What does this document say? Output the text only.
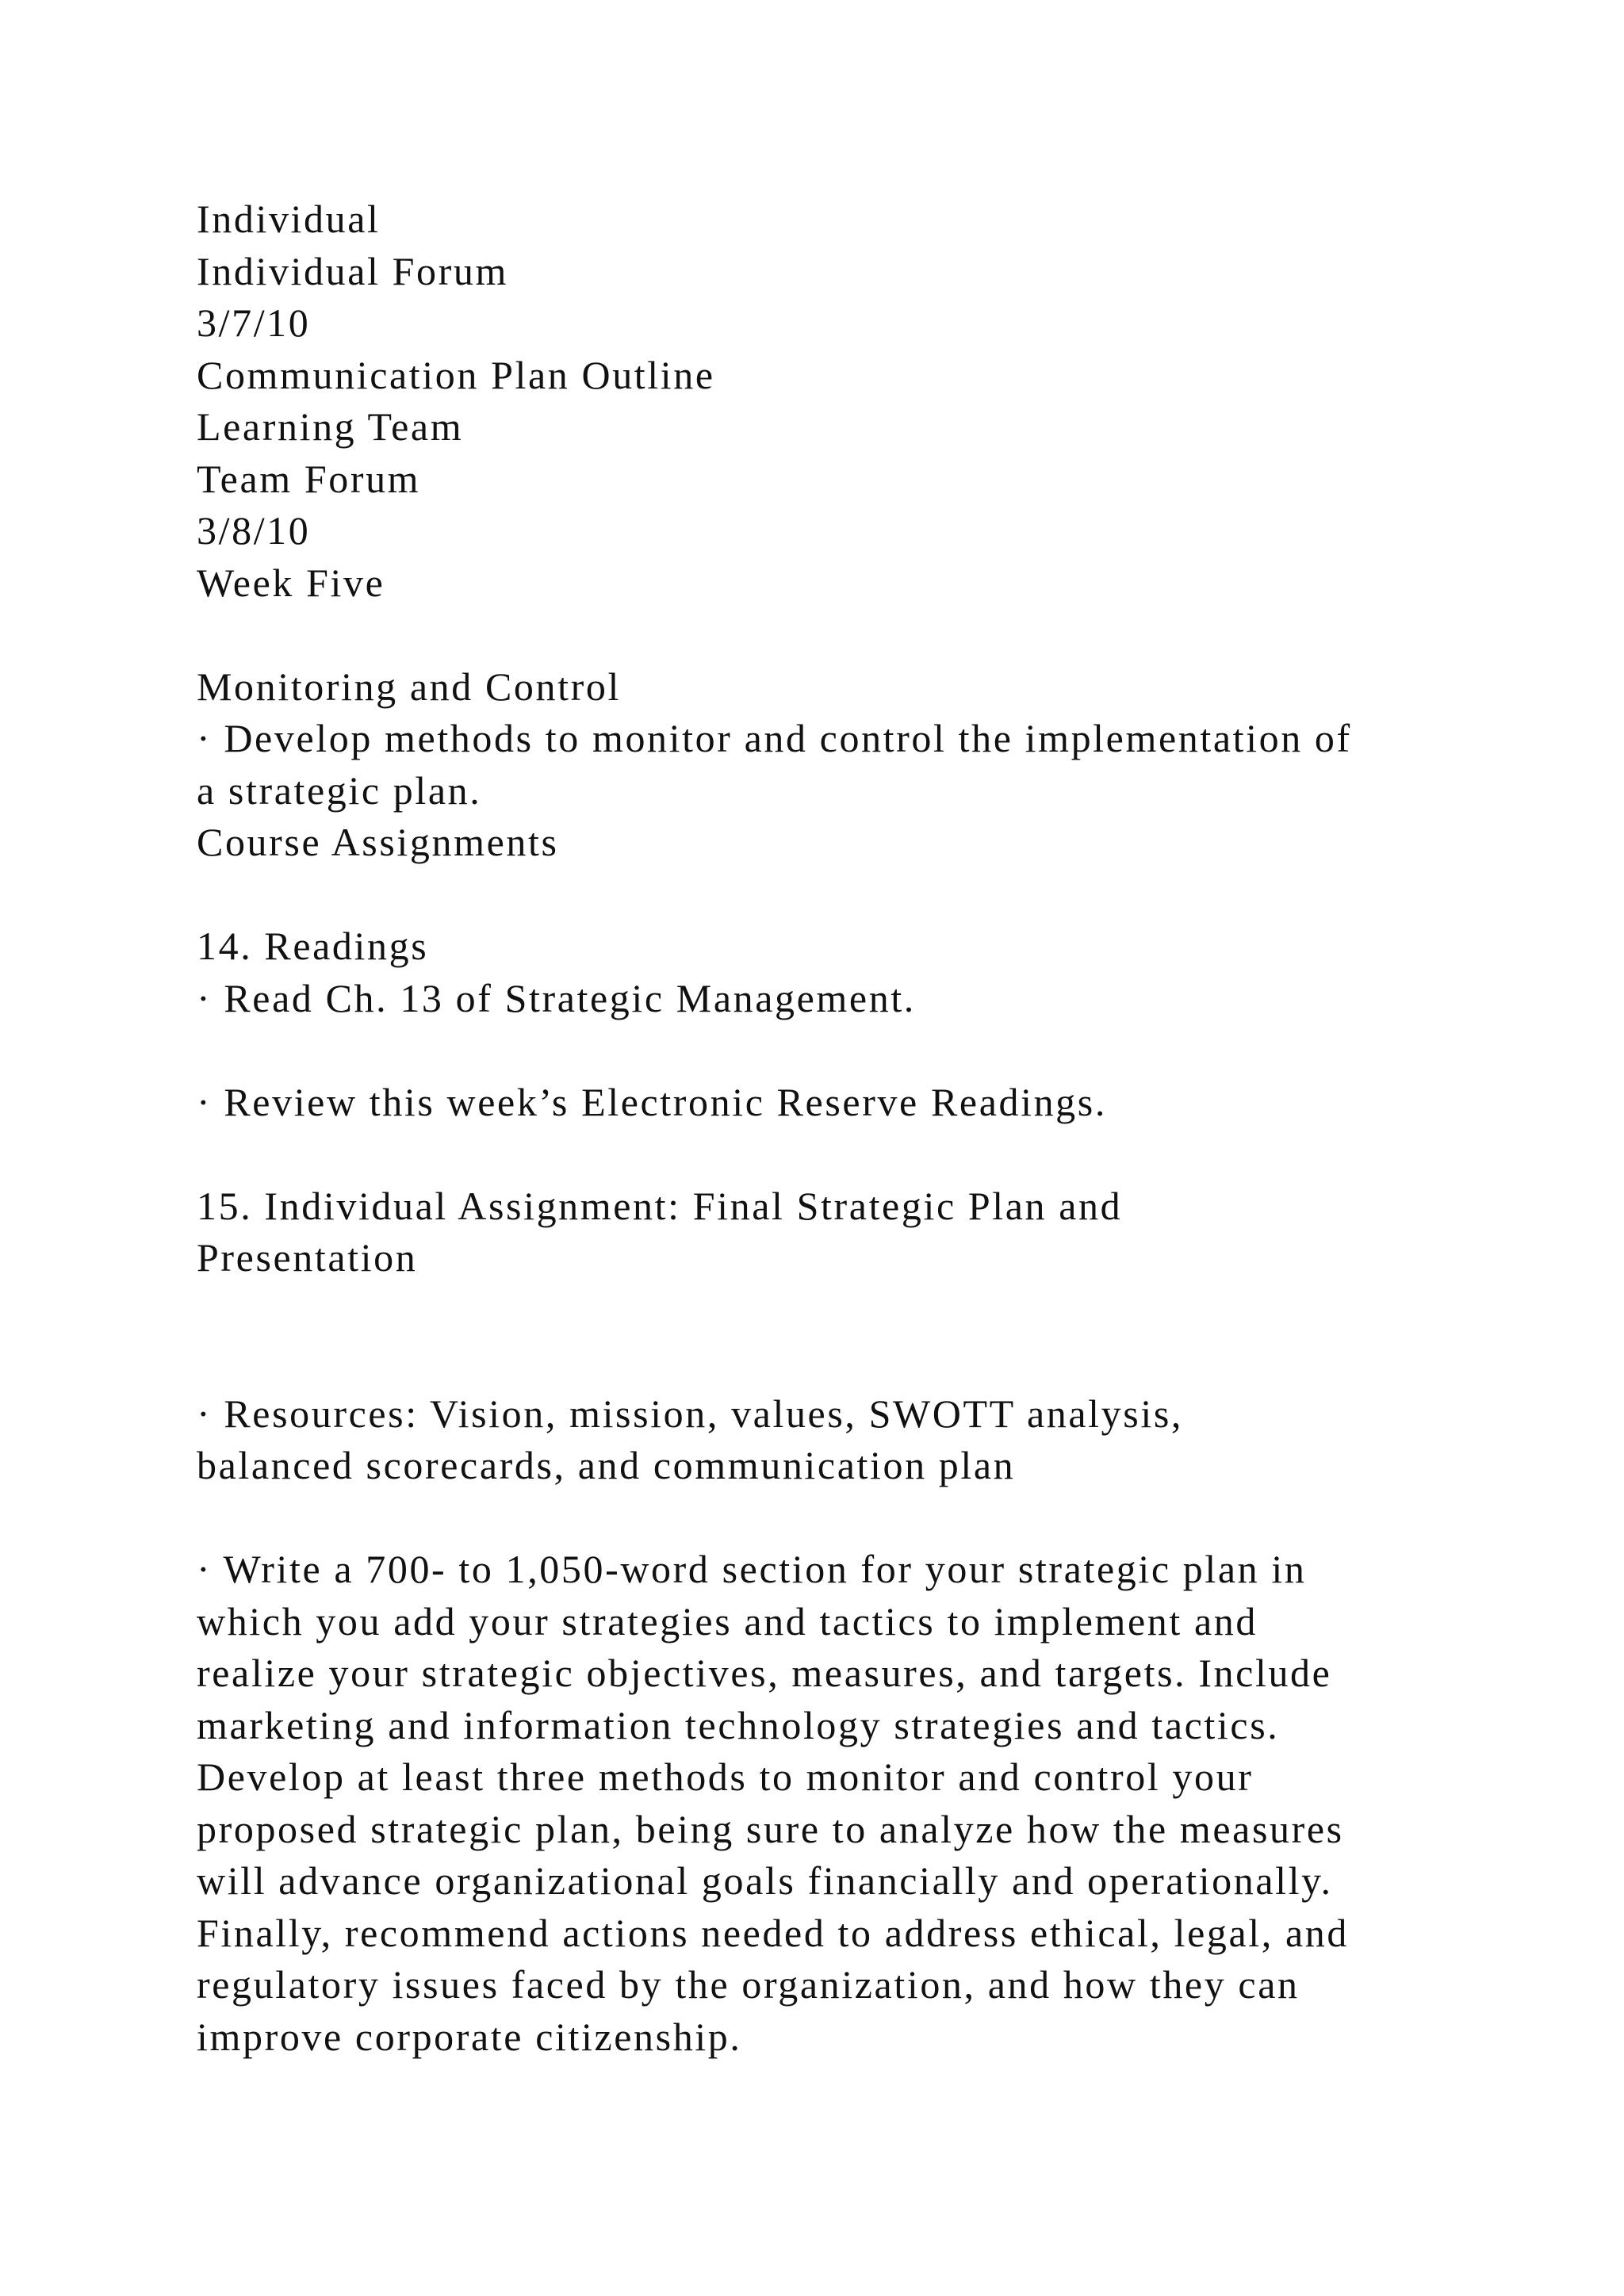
Individual
Individual Forum
3/7/10
Communication Plan Outline
Learning Team
Team Forum
3/8/10
Week Five
Monitoring and Control
· Develop methods to monitor and control the implementation of
a strategic plan.
Course Assignments
14. Readings
· Read Ch. 13 of Strategic Management.
· Review this week’s Electronic Reserve Readings.
15. Individual Assignment: Final Strategic Plan and
Presentation
· Resources: Vision, mission, values, SWOTT analysis,
balanced scorecards, and communication plan
· Write a 700- to 1,050-word section for your strategic plan in
which you add your strategies and tactics to implement and
realize your strategic objectives, measures, and targets. Include
marketing and information technology strategies and tactics.
Develop at least three methods to monitor and control your
proposed strategic plan, being sure to analyze how the measures
will advance organizational goals financially and operationally.
Finally, recommend actions needed to address ethical, legal, and
regulatory issues faced by the organization, and how they can
improve corporate citizenship.
